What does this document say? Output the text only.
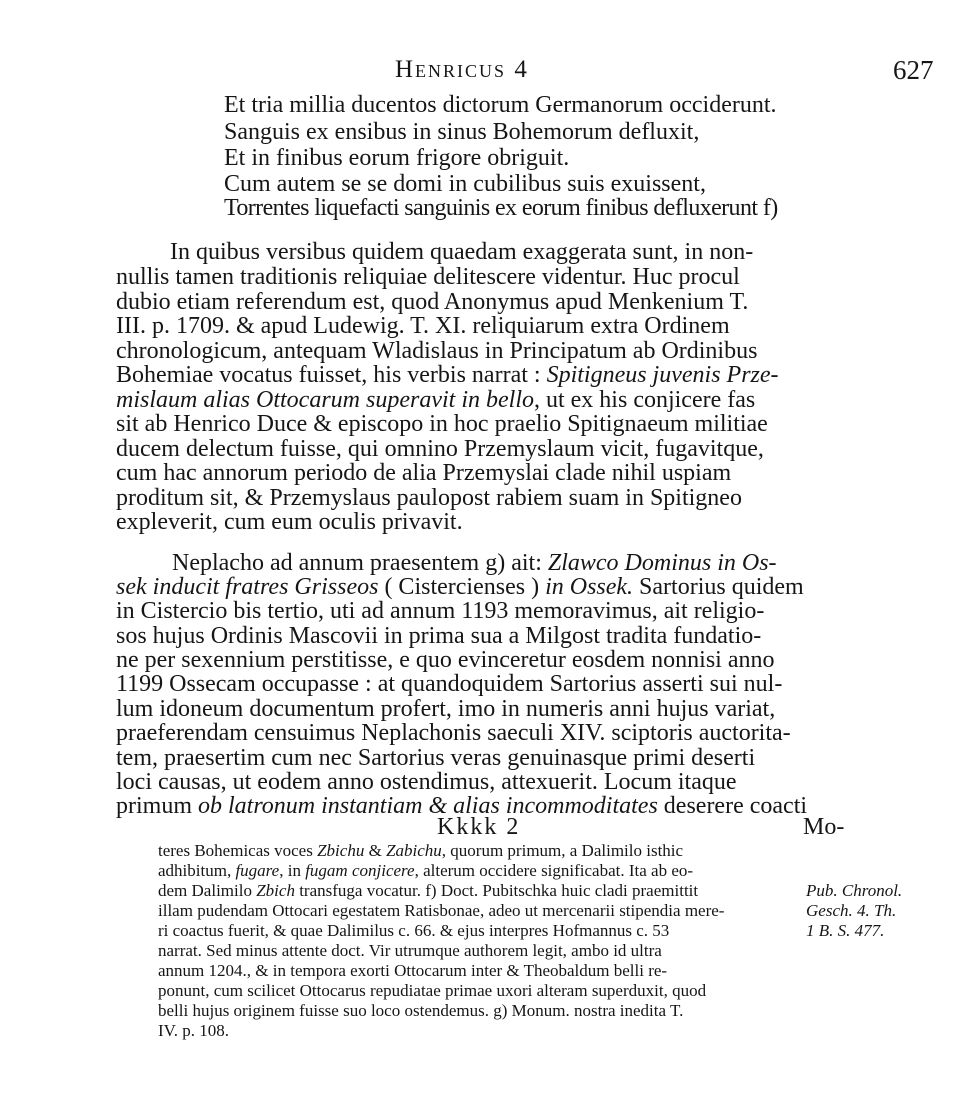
Henricus 4	627
Et tria millia ducentos dictorum Germanorum occiderunt.
Sanguis ex ensibus in sinus Bohemorum defluxit,
Et in finibus eorum frigore obriguit.
Cum autem se se domi in cubilibus suis exuissent,
Torrentes liquefacti sanguinis ex eorum finibus defluxerunt f)
In quibus versibus quidem quaedam exaggerata sunt, in non-
nullis tamen traditionis reliquiae delitescere videntur. Huc procul
dubio etiam referendum est, quod Anonymus apud Menkenium T.
III. p. 1709. & apud Ludewig. T. XI. reliquiarum extra Ordinem
chronologicum, antequam Wladislaus in Principatum ab Ordinibus
Bohemiae vocatus fuisset, his verbis narrat : Spitigneus juvenis Prze-
mislaum alias Ottocarum superavit in bello, ut ex his conjicere fas
sit ab Henrico Duce & episcopo in hoc praelio Spitignaeum militiae
ducem delectum fuisse, qui omnino Przemyslaum vicit, fugavitque,
cum hac annorum periodo de alia Przemyslai clade nihil uspiam
proditum sit, & Przemyslaus paulopost rabiem suam in Spitigneo
expleverit, cum eum oculis privavit.
Neplacho ad annum praesentem g) ait: Zlawco Dominus in Os-
sek inducit fratres Grisseos ( Cistercienses ) in Ossek. Sartorius quidem
in Cistercio bis tertio, uti ad annum 1193 memoravimus, ait religio-
sos hujus Ordinis Mascovii in prima sua a Milgost tradita fundatio-
ne per sexennium perstitisse, e quo evinceretur eosdem nonnisi anno
1199 Ossecam occupasse : at quandoquidem Sartorius asserti sui nul-
lum idoneum documentum profert, imo in numeris anni hujus variat,
praeferendam censuimus Neplachonis saeculi XIV. sciptoris auctorita-
tem, praesertim cum nec Sartorius veras genuinasque primi deserti
loci causas, ut eodem anno ostendimus, attexuerit. Locum itaque
primum ob latronum instantiam & alias incommoditates deserere coacti
Kkkk 2	Mo-
teres Bohemicas voces Zbichu & Zabichu, quorum primum, a Dalimilo isthic
adhibitum, fugare, in fugam conjicere, alterum occidere significabat. Ita ab eo-
dem Dalimilo Zbich transfuga vocatur. f) Doct. Pubitschka huic cladi praemittit
illam pudendam Ottocari egestatem Ratisbonae, adeo ut mercenarii stipendia mere-
ri coactus fuerit, & quae Dalimilus c. 66. & ejus interpres Hofmannus c. 53
narrat. Sed minus attente doct. Vir utrumque authorem legit, ambo id ultra
annum 1204., & in tempora exorti Ottocarum inter & Theobaldum belli re-
ponunt, cum scilicet Ottocarus repudiatae primae uxori alteram superduxit, quod
belli hujus originem fuisse suo loco ostendemus. g) Monum. nostra inedita T.
IV. p. 108.
Pub. Chronol.
Gesch. 4. Th.
1 B. S. 477.
